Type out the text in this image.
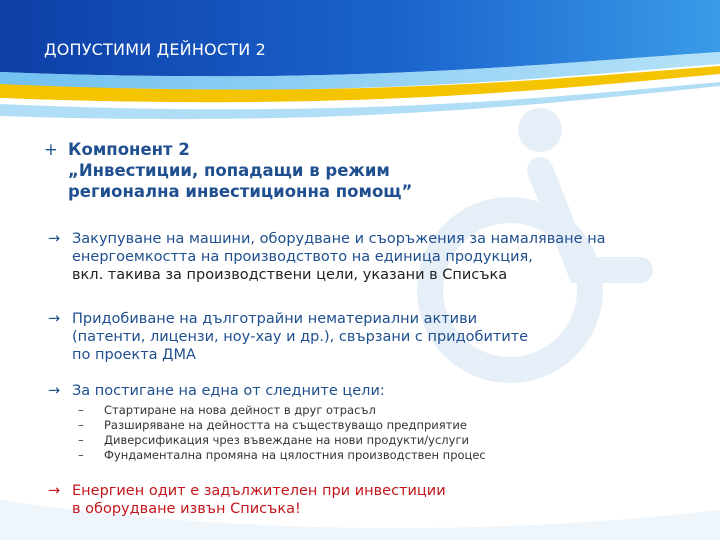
ДОПУСТИМИ ДЕЙНОСТИ 2
+ Компонент 2
„Инвестиции, попадащи в режим
регионална инвестиционна помощ”
→ Закупуване на машини, оборудване и съоръжения за намаляване на
енергоемкостта на производството на единица продукция,
вкл. такива за производствени цели, указани в Списъка
→ Придобиване на дълготрайни нематериални активи
(патенти, лицензи, ноу-хау и др.), свързани с придобитите
по проекта ДМА
→ За постигане на една от следните цели:
– Стартиране на нова дейност в друг отрасъл
– Разширяване на дейността на съществуващо предприятие
– Диверсификация чрез въвеждане на нови продукти/услуги
– Фундаментална промяна на цялостния производствен процес
→ Енергиен одит е задължителен при инвестиции
в оборудване извън Списъка!
